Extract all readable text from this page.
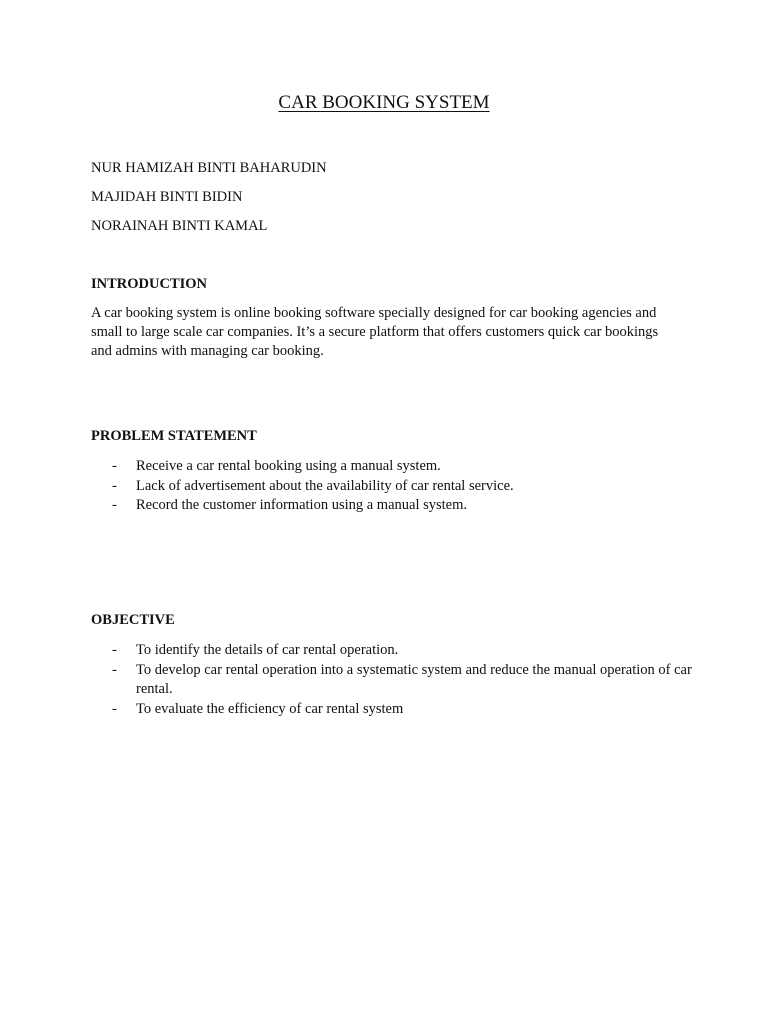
CAR BOOKING SYSTEM

NUR HAMIZAH BINTI BAHARUDIN

MAJIDAH BINTI BIDIN

NORAINAH BINTI KAMAL

INTRODUCTION
A car booking system is online booking software specially designed for car booking agencies and
small to large scale car companies. It’s a secure platform that offers customers quick car bookings
and admins with managing car booking.
PROBLEM STATEMENT
- Receive a car rental booking using a manual system.
- Lack of advertisement about the availability of car rental service.
- Record the customer information using a manual system.
OBJECTIVE
- To identify the details of car rental operation.
- To develop car rental operation into a systematic system and reduce the manual operation of car rental.
- To evaluate the efficiency of car rental system
